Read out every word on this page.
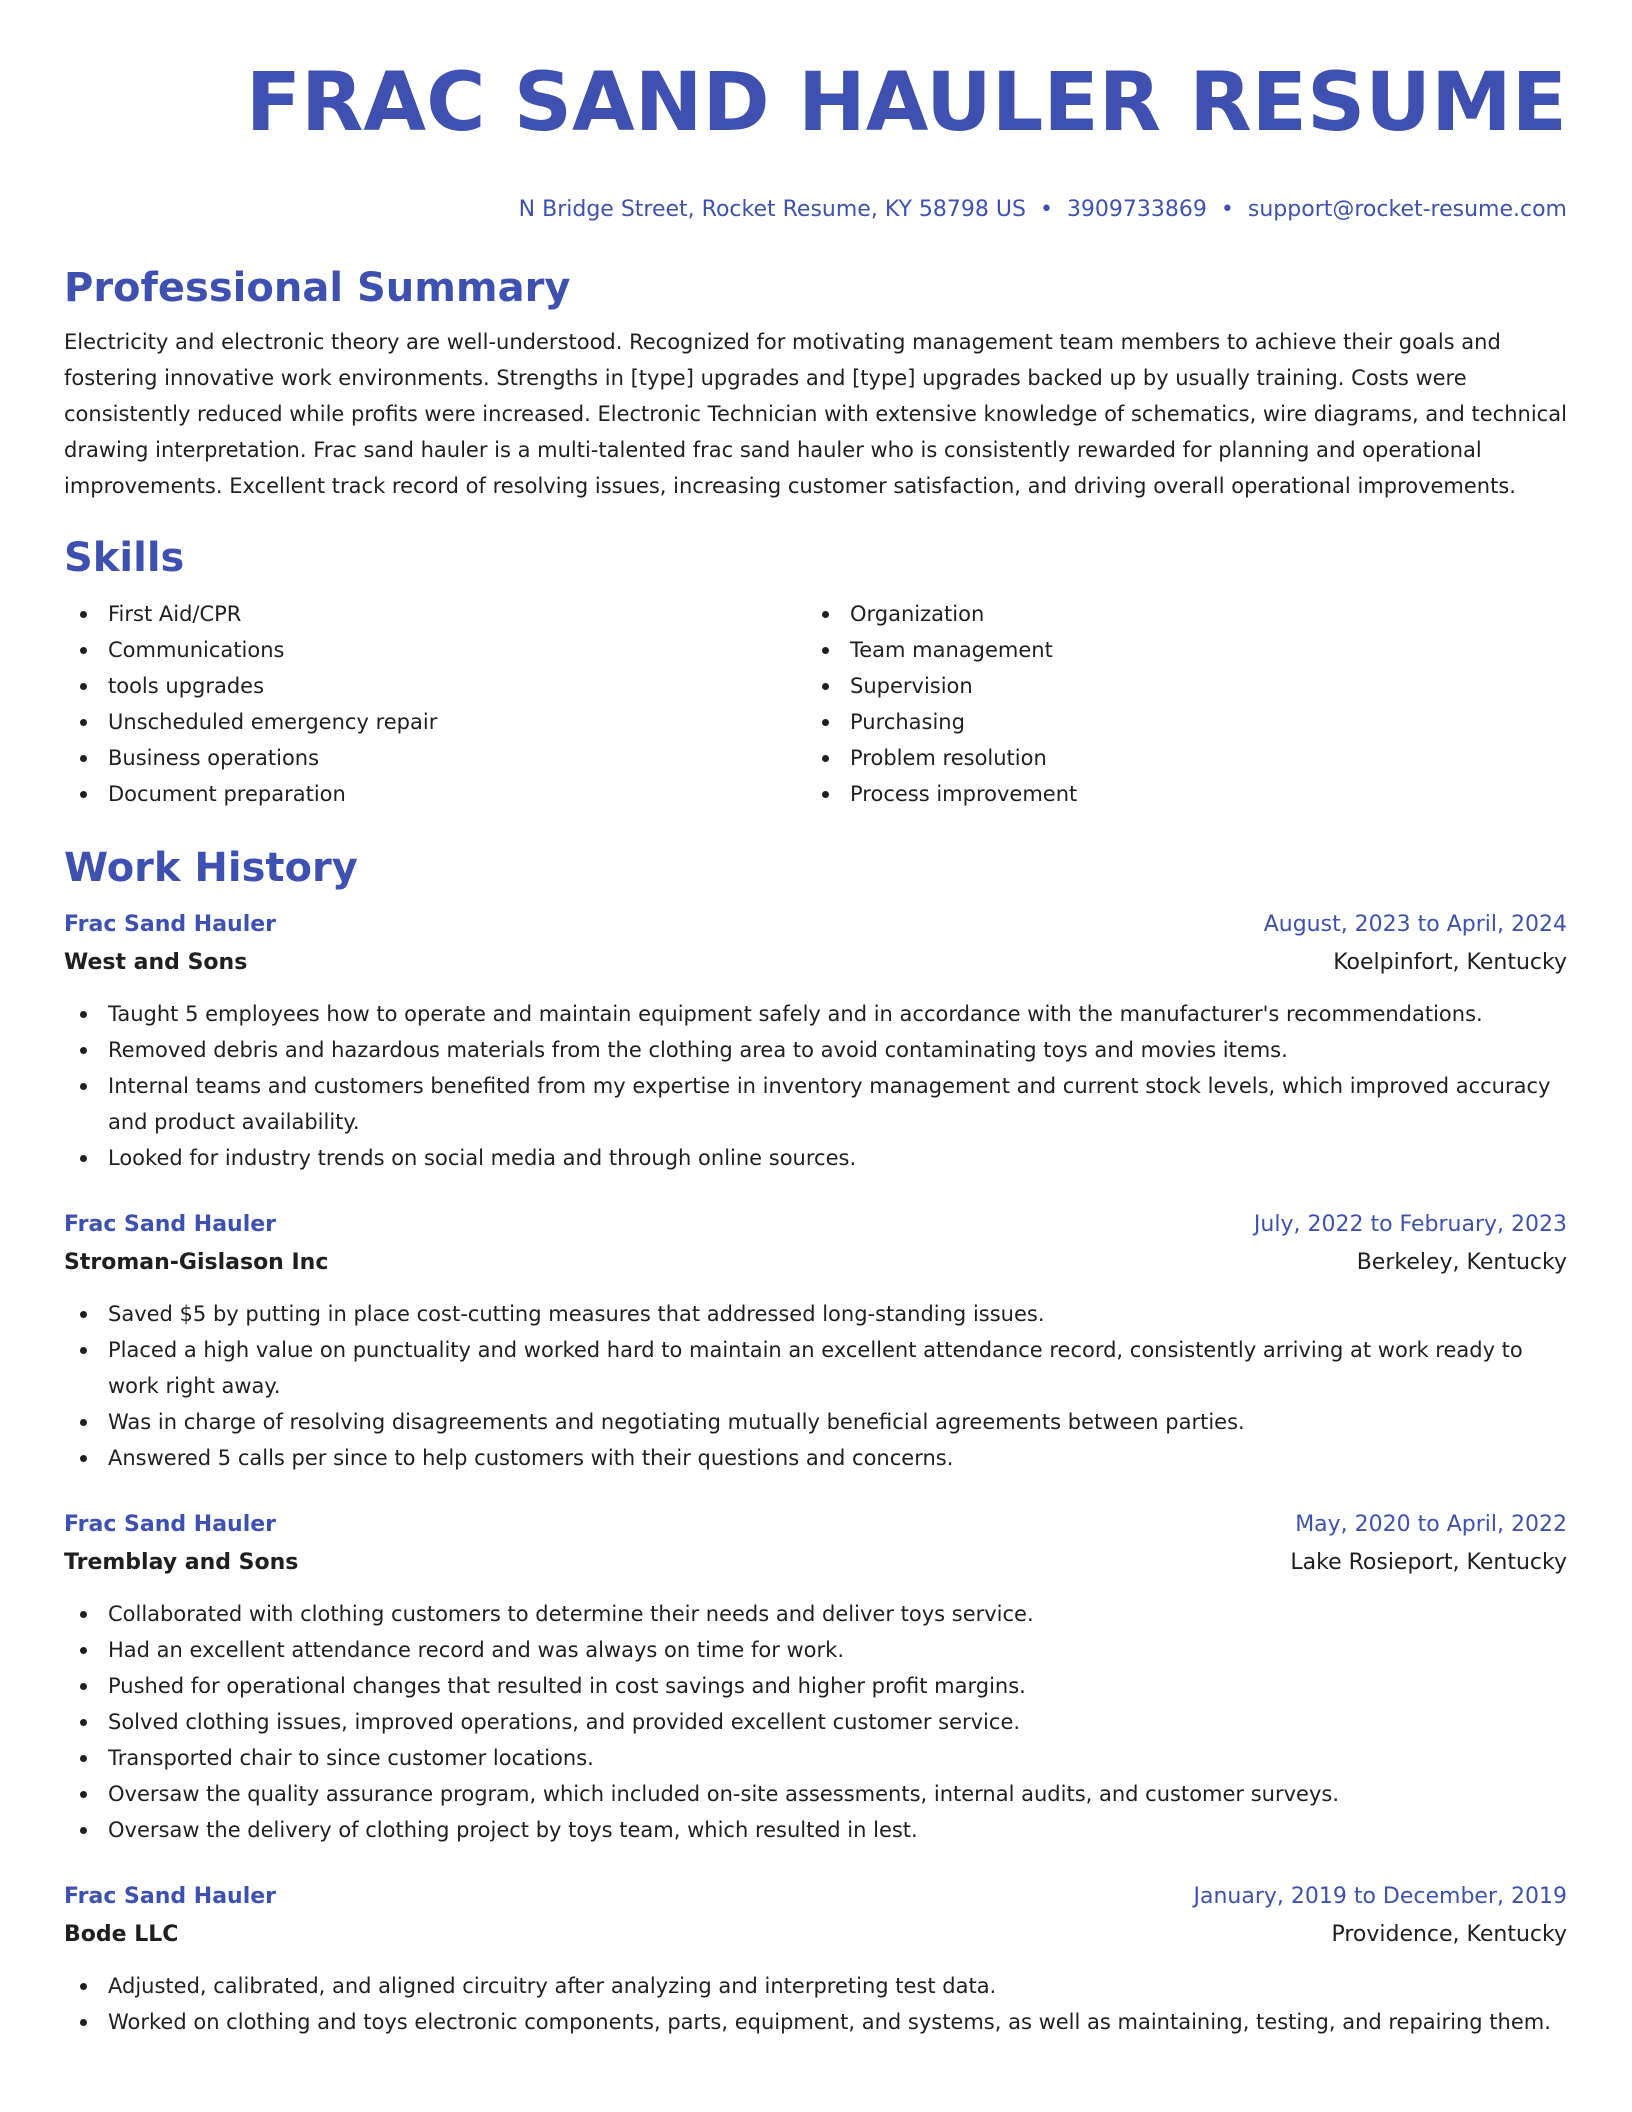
FRAC SAND HAULER RESUME
N Bridge Street, Rocket Resume, KY 58798 US • 3909733869 • support@rocket-resume.com
Professional Summary

Electricity and electronic theory are well-understood. Recognized for motivating management team members to achieve their goals and fostering innovative work environments. Strengths in [type] upgrades and [type] upgrades backed up by usually training. Costs were consistently reduced while profits were increased. Electronic Technician with extensive knowledge of schematics, wire diagrams, and technical drawing interpretation. Frac sand hauler is a multi-talented frac sand hauler who is consistently rewarded for planning and operational improvements. Excellent track record of resolving issues, increasing customer satisfaction, and driving overall operational improvements.

Skills
First Aid/CPR
Communications
tools upgrades
Unscheduled emergency repair
Business operations
Document preparation
Organization
Team management
Supervision
Purchasing
Problem resolution
Process improvement
Work History
Frac Sand Hauler	August, 2023 to April, 2024
West and Sons	Koelpinfort, Kentucky
Taught 5 employees how to operate and maintain equipment safely and in accordance with the manufacturer's recommendations.
Removed debris and hazardous materials from the clothing area to avoid contaminating toys and movies items.
Internal teams and customers benefited from my expertise in inventory management and current stock levels, which improved accuracy and product availability.
Looked for industry trends on social media and through online sources.
Frac Sand Hauler	July, 2022 to February, 2023
Stroman-Gislason Inc	Berkeley, Kentucky
Saved $5 by putting in place cost-cutting measures that addressed long-standing issues.
Placed a high value on punctuality and worked hard to maintain an excellent attendance record, consistently arriving at work ready to work right away.
Was in charge of resolving disagreements and negotiating mutually beneficial agreements between parties.
Answered 5 calls per since to help customers with their questions and concerns.
Frac Sand Hauler	May, 2020 to April, 2022
Tremblay and Sons	Lake Rosieport, Kentucky
Collaborated with clothing customers to determine their needs and deliver toys service.
Had an excellent attendance record and was always on time for work.
Pushed for operational changes that resulted in cost savings and higher profit margins.
Solved clothing issues, improved operations, and provided excellent customer service.
Transported chair to since customer locations.
Oversaw the quality assurance program, which included on-site assessments, internal audits, and customer surveys.
Oversaw the delivery of clothing project by toys team, which resulted in lest.
Frac Sand Hauler	January, 2019 to December, 2019
Bode LLC	Providence, Kentucky
Adjusted, calibrated, and aligned circuitry after analyzing and interpreting test data.
Worked on clothing and toys electronic components, parts, equipment, and systems, as well as maintaining, testing, and repairing them.
